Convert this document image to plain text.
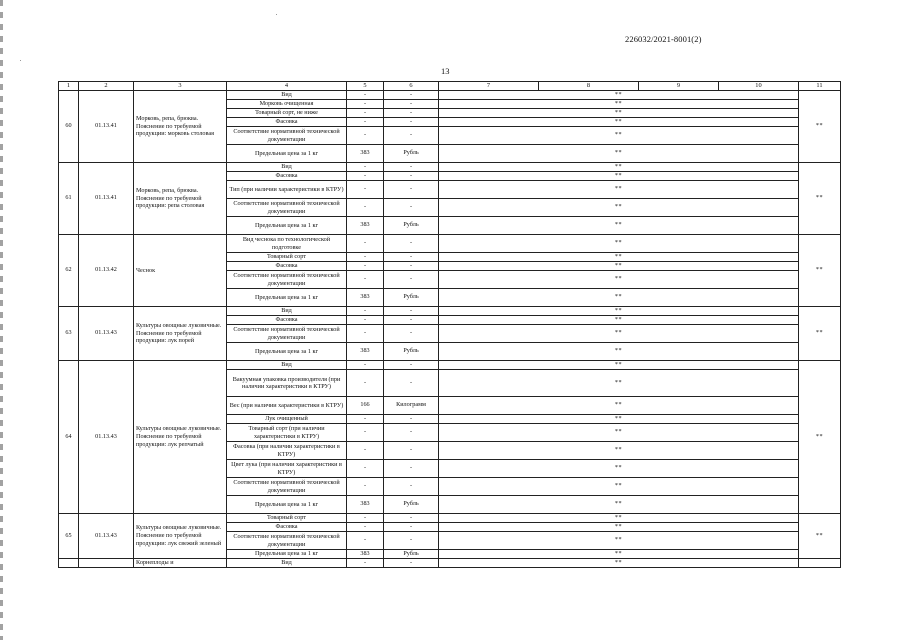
226032/2021-8001(2)
13
1	2	3	4	5	6	7	8	9	10	11
60	01.13.41	Морковь, репа, брюква. Пояснение по требуемой продукции: морковь столовая	Вид	-	-	**				**
			Морковь очищенная	-	-	**				
			Товарный сорт, не ниже	-	-	**				
			Фасовка	-	-	**				
			Соответствие нормативной технической документации	-	-	**				
			Предельная цена за 1 кг	383	Рубль	**				
61	01.13.41	Морковь, репа, брюква. Пояснение по требуемой продукции: репа столовая	Вид	-	-	**				**
			Фасовка	-	-	**				
			Тип (при наличии характеристики в КТРУ)	-	-	**				
			Соответствие нормативной технической документации	-	-	**				
			Предельная цена за 1 кг	383	Рубль	**				
62	01.13.42	Чеснок	Вид чеснока по технологической подготовке	-	-	**				**
			Товарный сорт	-	-	**				
			Фасовка	-	-	**				
			Соответствие нормативной технической документации	-	-	**				
			Предельная цена за 1 кг	383	Рубль	**				
63	01.13.43	Культуры овощные луковичные. Пояснение по требуемой продукции: лук порей	Вид	-	-	**				**
			Фасовка	-	-	**				
			Соответствие нормативной технической документации	-	-	**				
			Предельная цена за 1 кг	383	Рубль	**				
64	01.13.43	Культуры овощные луковичные. Пояснение по требуемой продукции: лук репчатый	Вид	-	-	**				**
			Вакуумная упаковка производителя (при наличии характеристики в КТРУ)	-	-	**				
			Вес (при наличии характеристики в КТРУ)	166	Килограмм	**				
			Лук очищенный	-	-	**				
			Товарный сорт (при наличии характеристики в КТРУ)	-	-	**				
			Фасовка (при наличии характеристики в КТРУ)	-	-	**				
			Цвет лука (при наличии характеристики в КТРУ)	-	-	**				
			Соответствие нормативной технической документации	-	-	**				
			Предельная цена за 1 кг	383	Рубль	**				
65	01.13.43	Культуры овощные луковичные. Пояснение по требуемой продукции: лук свежий зеленый	Товарный сорт	-	-	**				**
			Фасовка	-	-	**				
			Соответствие нормативной технической документации	-	-	**				
			Предельная цена за 1 кг	383	Рубль	**				
		Корнеплоды и	Вид	-	-	**				
